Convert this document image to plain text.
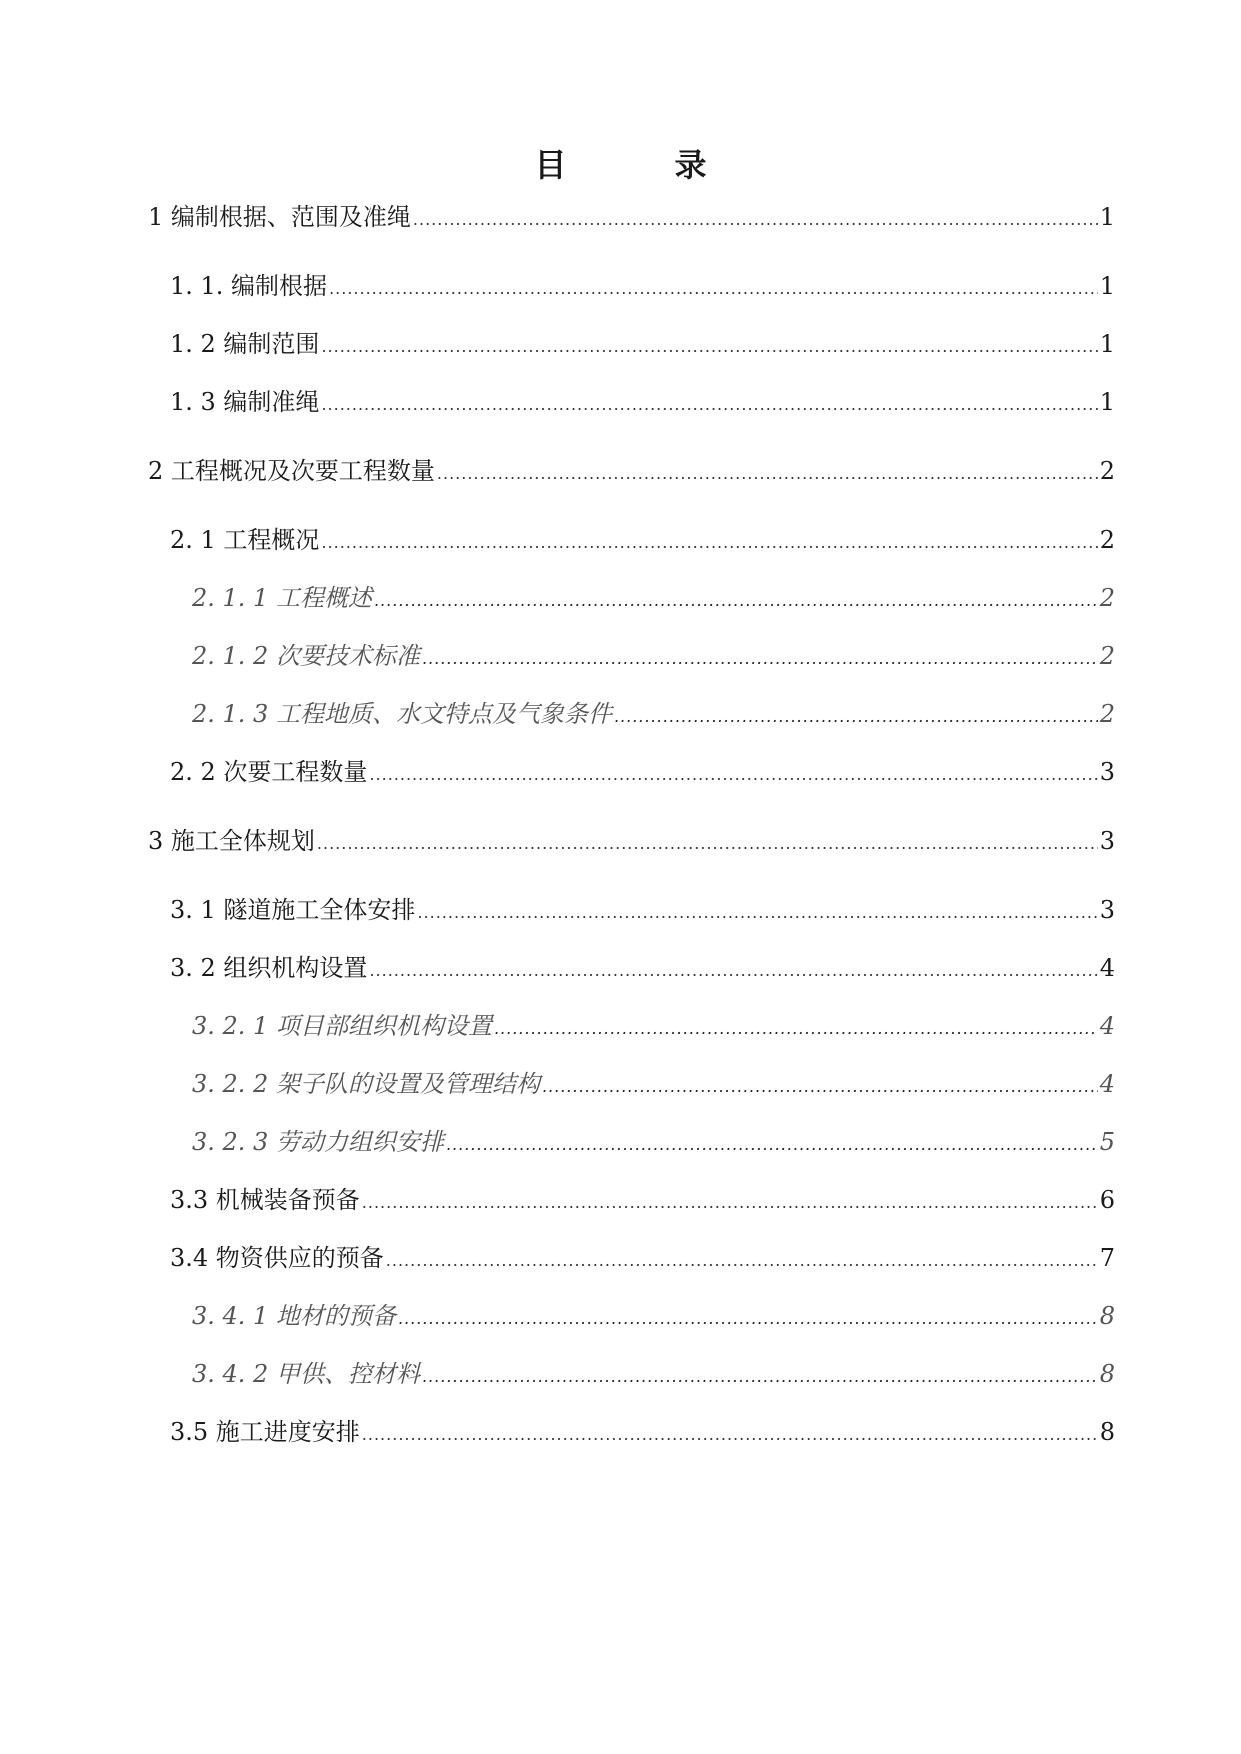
目　录
1 编制根据、范围及准绳 .....	1
1. 1. 编制根据 .....	1
1. 2 编制范围 .....	1
1. 3 编制准绳 .....	1
2 工程概况及次要工程数量 .....	2
2. 1 工程概况 .....	2
2. 1. 1 工程概述 .....	2
2. 1. 2 次要技术标准 .....	2
2. 1. 3 工程地质、水文特点及气象条件 .....	2
2. 2 次要工程数量 .....	3
3 施工全体规划 .....	3
3. 1 隧道施工全体安排 .....	3
3. 2 组织机构设置 .....	4
3. 2. 1 项目部组织机构设置 .....	4
3. 2. 2 架子队的设置及管理结构 .....	4
3. 2. 3 劳动力组织安排 .....	5
3.3 机械装备预备 .....	6
3.4 物资供应的预备 .....	7
3. 4. 1 地材的预备 .....	8
3. 4. 2 甲供、控材料 .....	8
3.5 施工进度安排 .....	8
